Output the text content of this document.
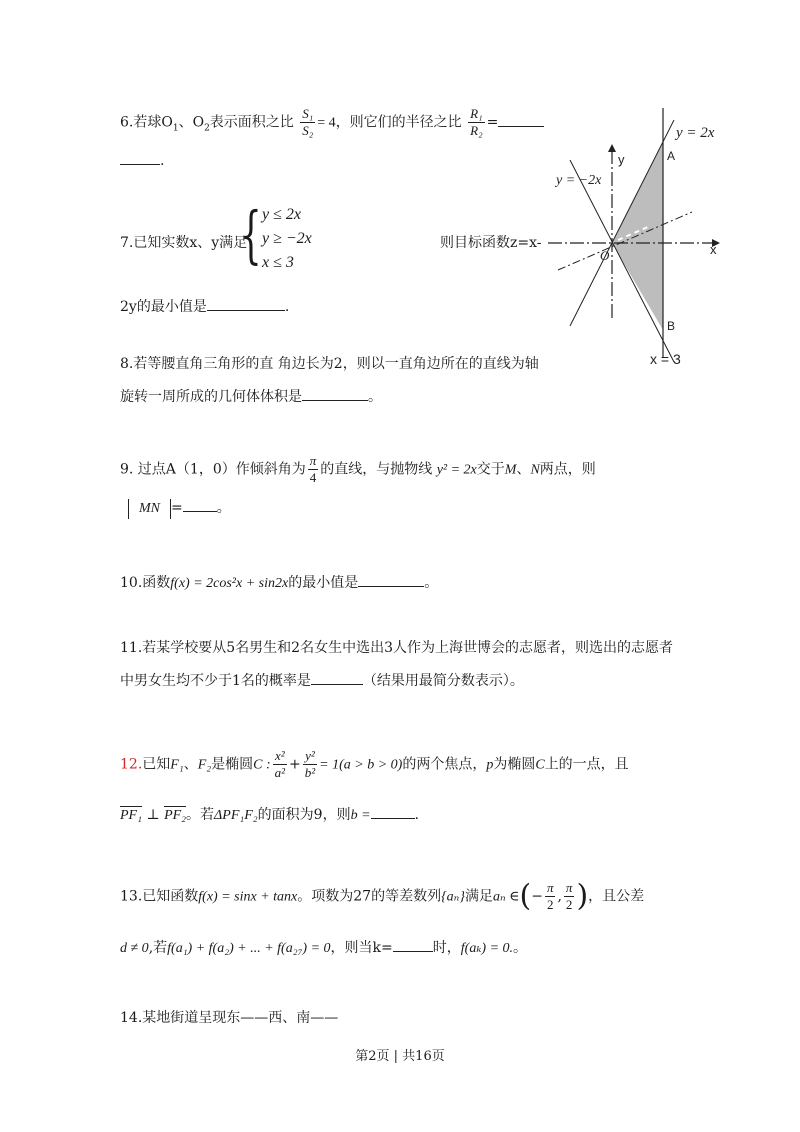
6.若球$O_1$、$O_2$表示面积之比 $\frac{\text{S₁}}{\text{S₂}} = 4$，则它们的半径之比 $\frac{\text{R₁}}{\text{R₂}}$ =
.
7.已知实数x、y满足
{ y ≤ 2x
y ≥ −2x
x ≤ 3
则目标函数z=x-
2y的最小值是	.
y = 2x
y = −2x
x = 3
x
y
O
A
B
8.若等腰直角三角形的直 角边长为2，则以一直角边所在的直线为轴
旋转一周所成的几何体体积是	。
9. 过点A（1，0）作倾斜角为 $\frac{\pi}{4}$ 的直线，与抛物线 y² = 2x交于M、N两点，则
MN = 。
10.函数f(x) = 2cos²x + sin2x的最小值是	。
11.若某学校要从5名男生和2名女生中选出3人作为上海世博会的志愿者，则选出的志愿者
中男女生均不少于1名的概率是	（结果用最简分数表示）。
12.已知F₁、F₂是椭圆C : $\frac{\text{x²}}{\text{a²}} + \frac{\text{y²}}{\text{b²}} = 1(a > b > 0)$的两个焦点，p为椭圆C上的一点，且
PF₁ ⊥ PF₂。若ΔPF₁F₂的面积为9，则b =	.
13.已知函数f(x) = sinx + tanx。项数为27的等差数列{aₙ}满足aₙ ∈(− $\frac{\pi}{2}$ , $\frac{\pi}{2}$ )，且公差
d ≠ 0,若f(a₁) + f(a₂) + ... + f(a₂₇) = 0，则当k=	时，f(aₖ) = 0.。
14.某地街道呈现东——西、南——
第2页 | 共16页
